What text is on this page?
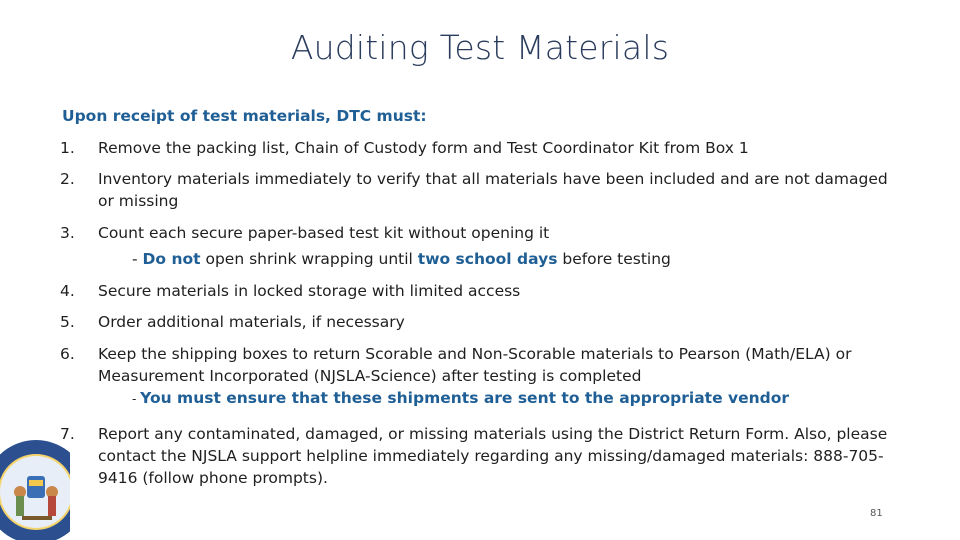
Auditing Test Materials
Upon receipt of test materials, DTC must:
1.	Remove the packing list, Chain of Custody form and Test Coordinator Kit from Box 1
2.	Inventory materials immediately to verify that all materials have been included and are not damaged or missing
3.	Count each secure paper-based test kit without opening it
- Do not open shrink wrapping until two school days before testing
4.	Secure materials in locked storage with limited access
5.	Order additional materials, if necessary
6.	Keep the shipping boxes to return Scorable and Non-Scorable materials to Pearson (Math/ELA) or Measurement Incorporated (NJSLA-Science) after testing is completed
- You must ensure that these shipments are sent to the appropriate vendor
7.	Report any contaminated, damaged, or missing materials using the District Return Form. Also, please contact the NJSLA support helpline immediately regarding any missing/damaged materials: 888-705-9416 (follow phone prompts).
81
